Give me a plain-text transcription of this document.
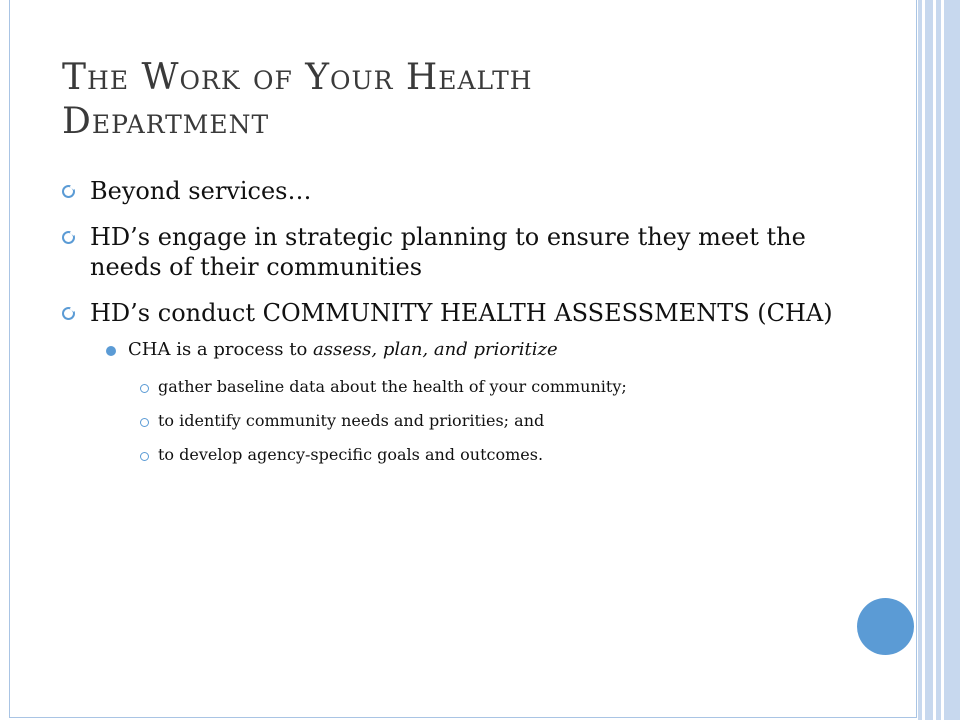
The Work of Your Health
Department
Beyond services…
HD’s engage in strategic planning to ensure they meet the needs of their communities
HD’s conduct COMMUNITY HEALTH ASSESSMENTS (CHA)
CHA is a process to assess, plan, and prioritize
gather baseline data about the health of your community;
to identify community needs and priorities; and
to develop agency-specific goals and outcomes.
